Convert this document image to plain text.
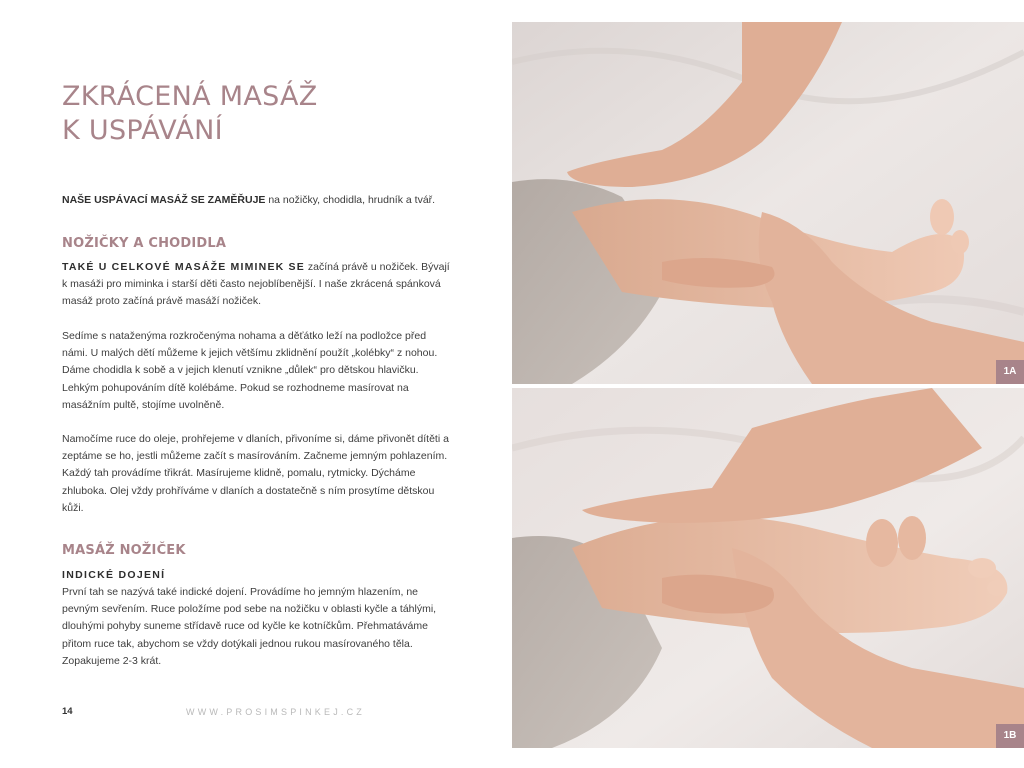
ZKRÁCENÁ MASÁŽ
K USPÁVÁNÍ

NAŠE USPÁVACÍ MASÁŽ SE ZAMĚŘUJE na nožičky, chodidla, hrudník a tvář.

NOŽIČKY A CHODIDLA

TAKÉ U CELKOVÉ MASÁŽE MIMINEK SE začíná právě u nožiček. Bývají k masáži pro miminka i starší děti často nejoblíbenější. I naše zkrácená spánková masáž proto začíná právě masáží nožiček.

Sedíme s nataženýma rozkročenýma nohama a děťátko leží na podložce před námi. U malých dětí můžeme k jejich většímu zklidnění použít „kolébky“ z nohou. Dáme chodidla k sobě a v jejich klenutí vznikne „důlek“ pro dětskou hlavičku. Lehkým pohupováním dítě kolébáme. Pokud se rozhodneme masírovat na masážním pultě, stojíme uvolněně.

Namočíme ruce do oleje, prohřejeme v dlaních, přivoníme si, dáme přivonět dítěti a zeptáme se ho, jestli můžeme začít s masírováním. Začneme jemným pohlazením. Každý tah provádíme třikrát. Masírujeme klidně, pomalu, rytmicky. Dýcháme zhluboka. Olej vždy prohříváme v dlaních a dostatečně s ním prosytíme dětskou kůži.

MASÁŽ NOŽIČEK

INDICKÉ DOJENÍ

První tah se nazývá také indické dojení. Provádíme ho jemným hlazením, ne pevným sevřením. Ruce položíme pod sebe na nožičku v oblasti kyčle a táhlými, dlouhými pohyby suneme střídavě ruce od kyčle ke kotníčkům. Přehmatáváme přitom ruce tak, abychom se vždy dotýkali jednou rukou masírovaného těla. Zopakujeme 2-3 krát.

14	WWW.PROSIMSPINKEJ.CZ
1A
1B
